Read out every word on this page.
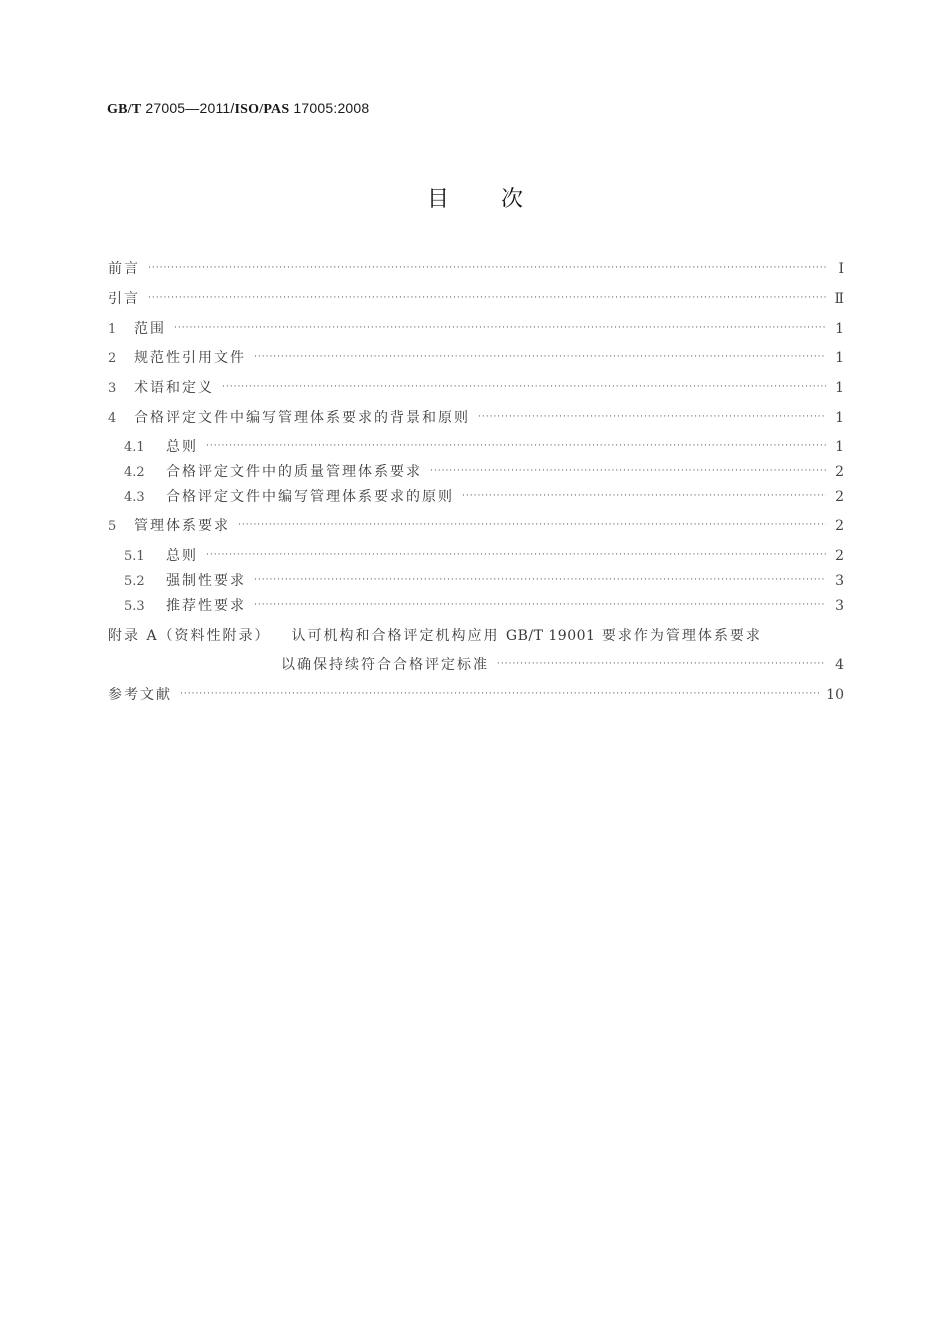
GB/T 27005—2011/ISO/PAS 17005:2008
目 次
前言 ·····	Ⅰ
引言 ·····	Ⅱ
1	范围 ·····	1
2	规范性引用文件 ·····	1
3	术语和定义 ·····	1
4	合格评定文件中编写管理体系要求的背景和原则 ·····	1
4.1	总则 ·····	1
4.2	合格评定文件中的质量管理体系要求 ·····	2
4.3	合格评定文件中编写管理体系要求的原则 ·····	2
5	管理体系要求 ·····	2
5.1	总则 ·····	2
5.2	强制性要求 ·····	3
5.3	推荐性要求 ·····	3
附录 A（资料性附录） 认可机构和合格评定机构应用 GB/T 19001 要求作为管理体系要求
以确保持续符合合格评定标准 ·····	4
参考文献 ·····	10
